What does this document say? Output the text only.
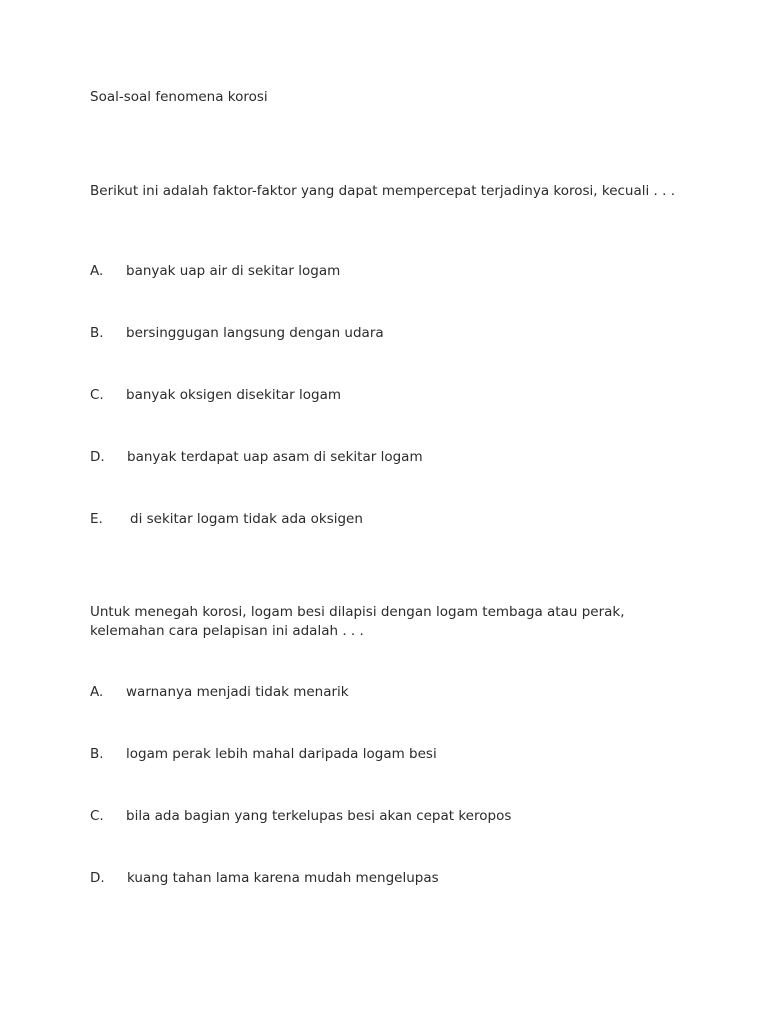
Soal-soal fenomena korosi
Berikut ini adalah faktor-faktor yang dapat mempercepat terjadinya korosi, kecuali . . .
A. banyak uap air di sekitar logam
B. bersinggugan langsung dengan udara
C. banyak oksigen disekitar logam
D. banyak terdapat uap asam di sekitar logam
E. di sekitar logam tidak ada oksigen
Untuk menegah korosi, logam besi dilapisi dengan logam tembaga atau perak, kelemahan cara pelapisan ini adalah . . .
A. warnanya menjadi tidak menarik
B. logam perak lebih mahal daripada logam besi
C. bila ada bagian yang terkelupas besi akan cepat keropos
D. kuang tahan lama karena mudah mengelupas
